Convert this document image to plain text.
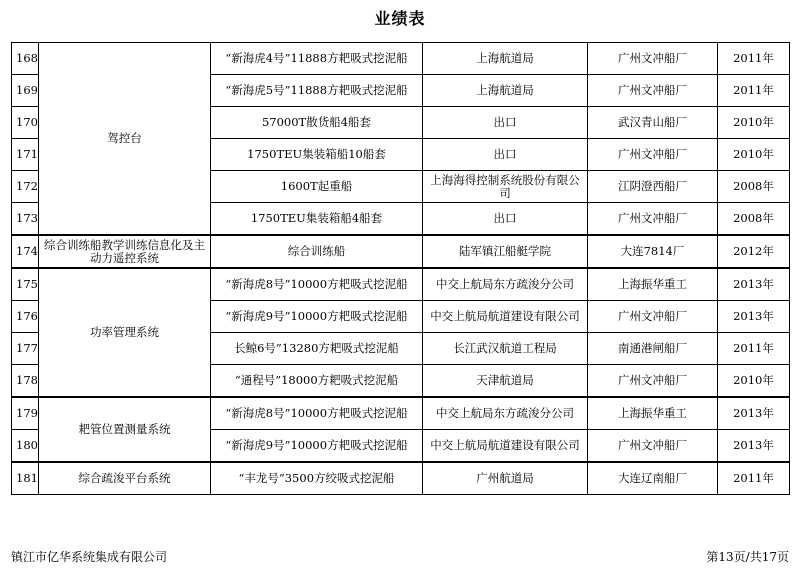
业绩表
168	驾控台	“新海虎4号”11888方耙吸式挖泥船	上海航道局	广州文冲船厂	2011年
169		“新海虎5号”11888方耙吸式挖泥船	上海航道局	广州文冲船厂	2011年
170		57000T散货船4船套	出口	武汉青山船厂	2010年
171		1750TEU集装箱船10船套	出口	广州文冲船厂	2010年
172		1600T起重船	上海海得控制系统股份有限公司	江阴澄西船厂	2008年
173		1750TEU集装箱船4船套	出口	广州文冲船厂	2008年
174	综合训练船教学训练信息化及主动力遥控系统	综合训练船	陆军镇江船艇学院	大连7814厂	2012年
175	功率管理系统	“新海虎8号”10000方耙吸式挖泥船	中交上航局东方疏浚分公司	上海振华重工	2013年
176		“新海虎9号”10000方耙吸式挖泥船	中交上航局航道建设有限公司	广州文冲船厂	2013年
177		长鲸6号”13280方耙吸式挖泥船	长江武汉航道工程局	南通港闸船厂	2011年
178		“通程号”18000方耙吸式挖泥船	天津航道局	广州文冲船厂	2010年
179	耙管位置测量系统	“新海虎8号”10000方耙吸式挖泥船	中交上航局东方疏浚分公司	上海振华重工	2013年
180		“新海虎9号”10000方耙吸式挖泥船	中交上航局航道建设有限公司	广州文冲船厂	2013年
181	综合疏浚平台系统	“丰龙号”3500方绞吸式挖泥船	广州航道局	大连辽南船厂	2011年
镇江市亿华系统集成有限公司	第13页/共17页
